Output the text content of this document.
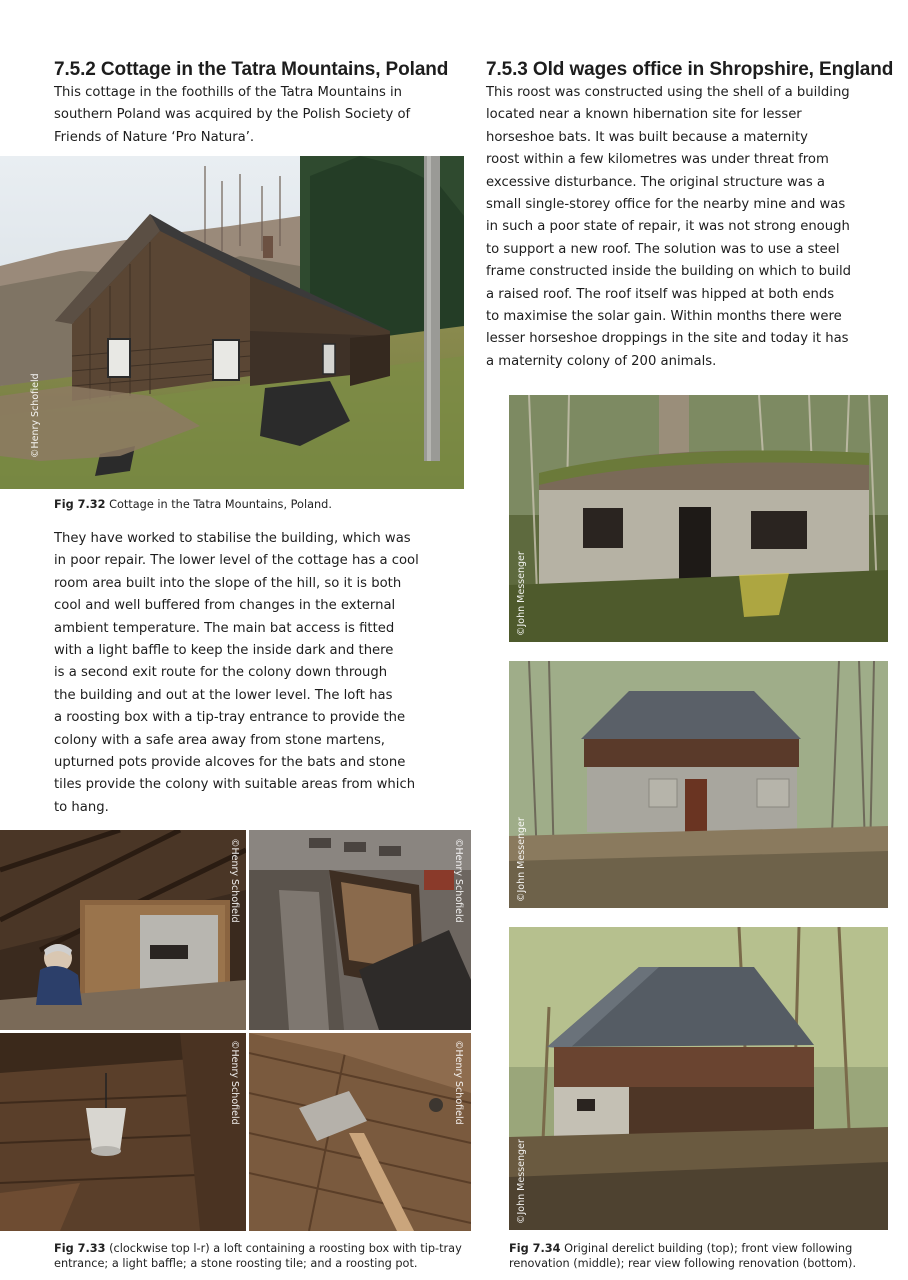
7.5.2 Cottage in the Tatra Mountains, Poland

This cottage in the foothills of the Tatra Mountains in
southern Poland was acquired by the Polish Society of
Friends of Nature ‘Pro Natura’.

©Henry Schofield

Fig 7.32 Cottage in the Tatra Mountains, Poland.

They have worked to stabilise the building, which was
in poor repair. The lower level of the cottage has a cool
room area built into the slope of the hill, so it is both
cool and well buffered from changes in the external
ambient temperature. The main bat access is fitted
with a light baffle to keep the inside dark and there
is a second exit route for the colony down through
the building and out at the lower level. The loft has
a roosting box with a tip-tray entrance to provide the
colony with a safe area away from stone martens,
upturned pots provide alcoves for the bats and stone
tiles provide the colony with suitable areas from which
to hang.

©Henry Schofield	©Henry Schofield
©Henry Schofield	©Henry Schofield

Fig 7.33 (clockwise top l-r) a loft containing a roosting box with tip-tray
entrance; a light baffle; a stone roosting tile; and a roosting pot.

7.5.3 Old wages office in Shropshire, England

This roost was constructed using the shell of a building
located near a known hibernation site for lesser
horseshoe bats. It was built because a maternity
roost within a few kilometres was under threat from
excessive disturbance. The original structure was a
small single-storey office for the nearby mine and was
in such a poor state of repair, it was not strong enough
to support a new roof. The solution was to use a steel
frame constructed inside the building on which to build
a raised roof. The roof itself was hipped at both ends
to maximise the solar gain. Within months there were
lesser horseshoe droppings in the site and today it has
a maternity colony of 200 animals.

©John Messenger
©John Messenger
©John Messenger

Fig 7.34 Original derelict building (top); front view following
renovation (middle); rear view following renovation (bottom).
